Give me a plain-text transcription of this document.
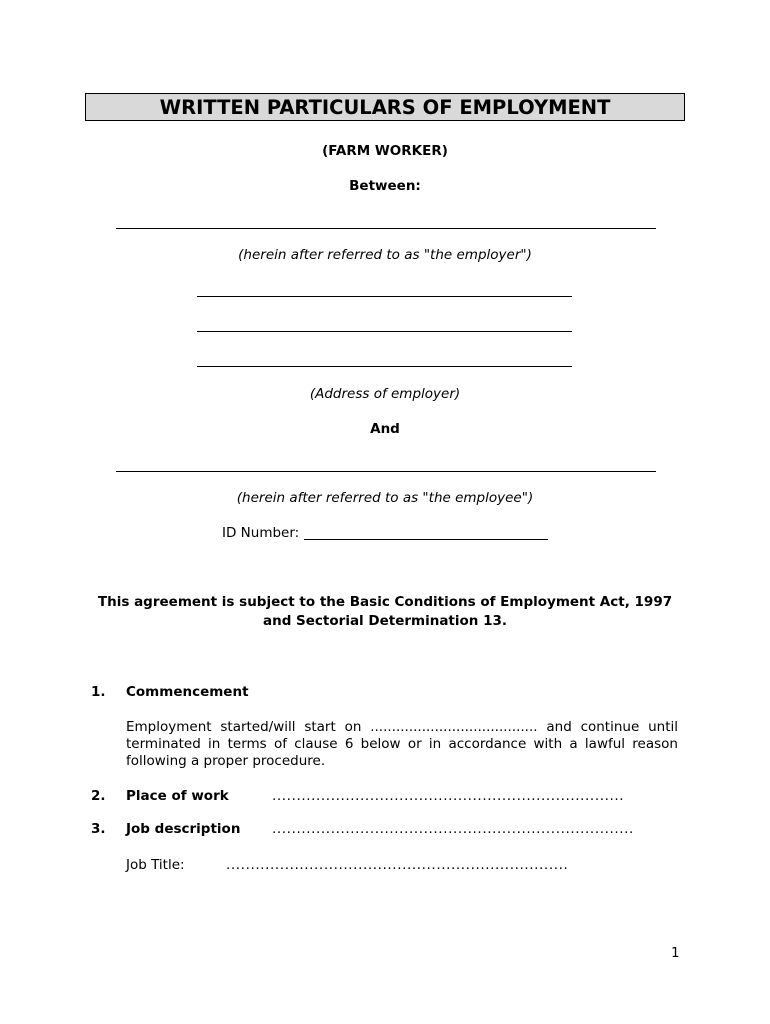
WRITTEN PARTICULARS OF EMPLOYMENT
(FARM WORKER)
Between:
(herein after referred to as "the employer")
(Address of employer)
And
(herein after referred to as "the employee")
ID Number:
This agreement is subject to the Basic Conditions of Employment Act, 1997
and Sectorial Determination 13.
1. Commencement
Employment started/will start on ....................................... and continue until terminated in terms of clause 6 below or in accordance with a lawful reason following a proper procedure.
2. Place of work	........................................................................
3. Job description ..........................................................................
Job Title:	......................................................................
1
